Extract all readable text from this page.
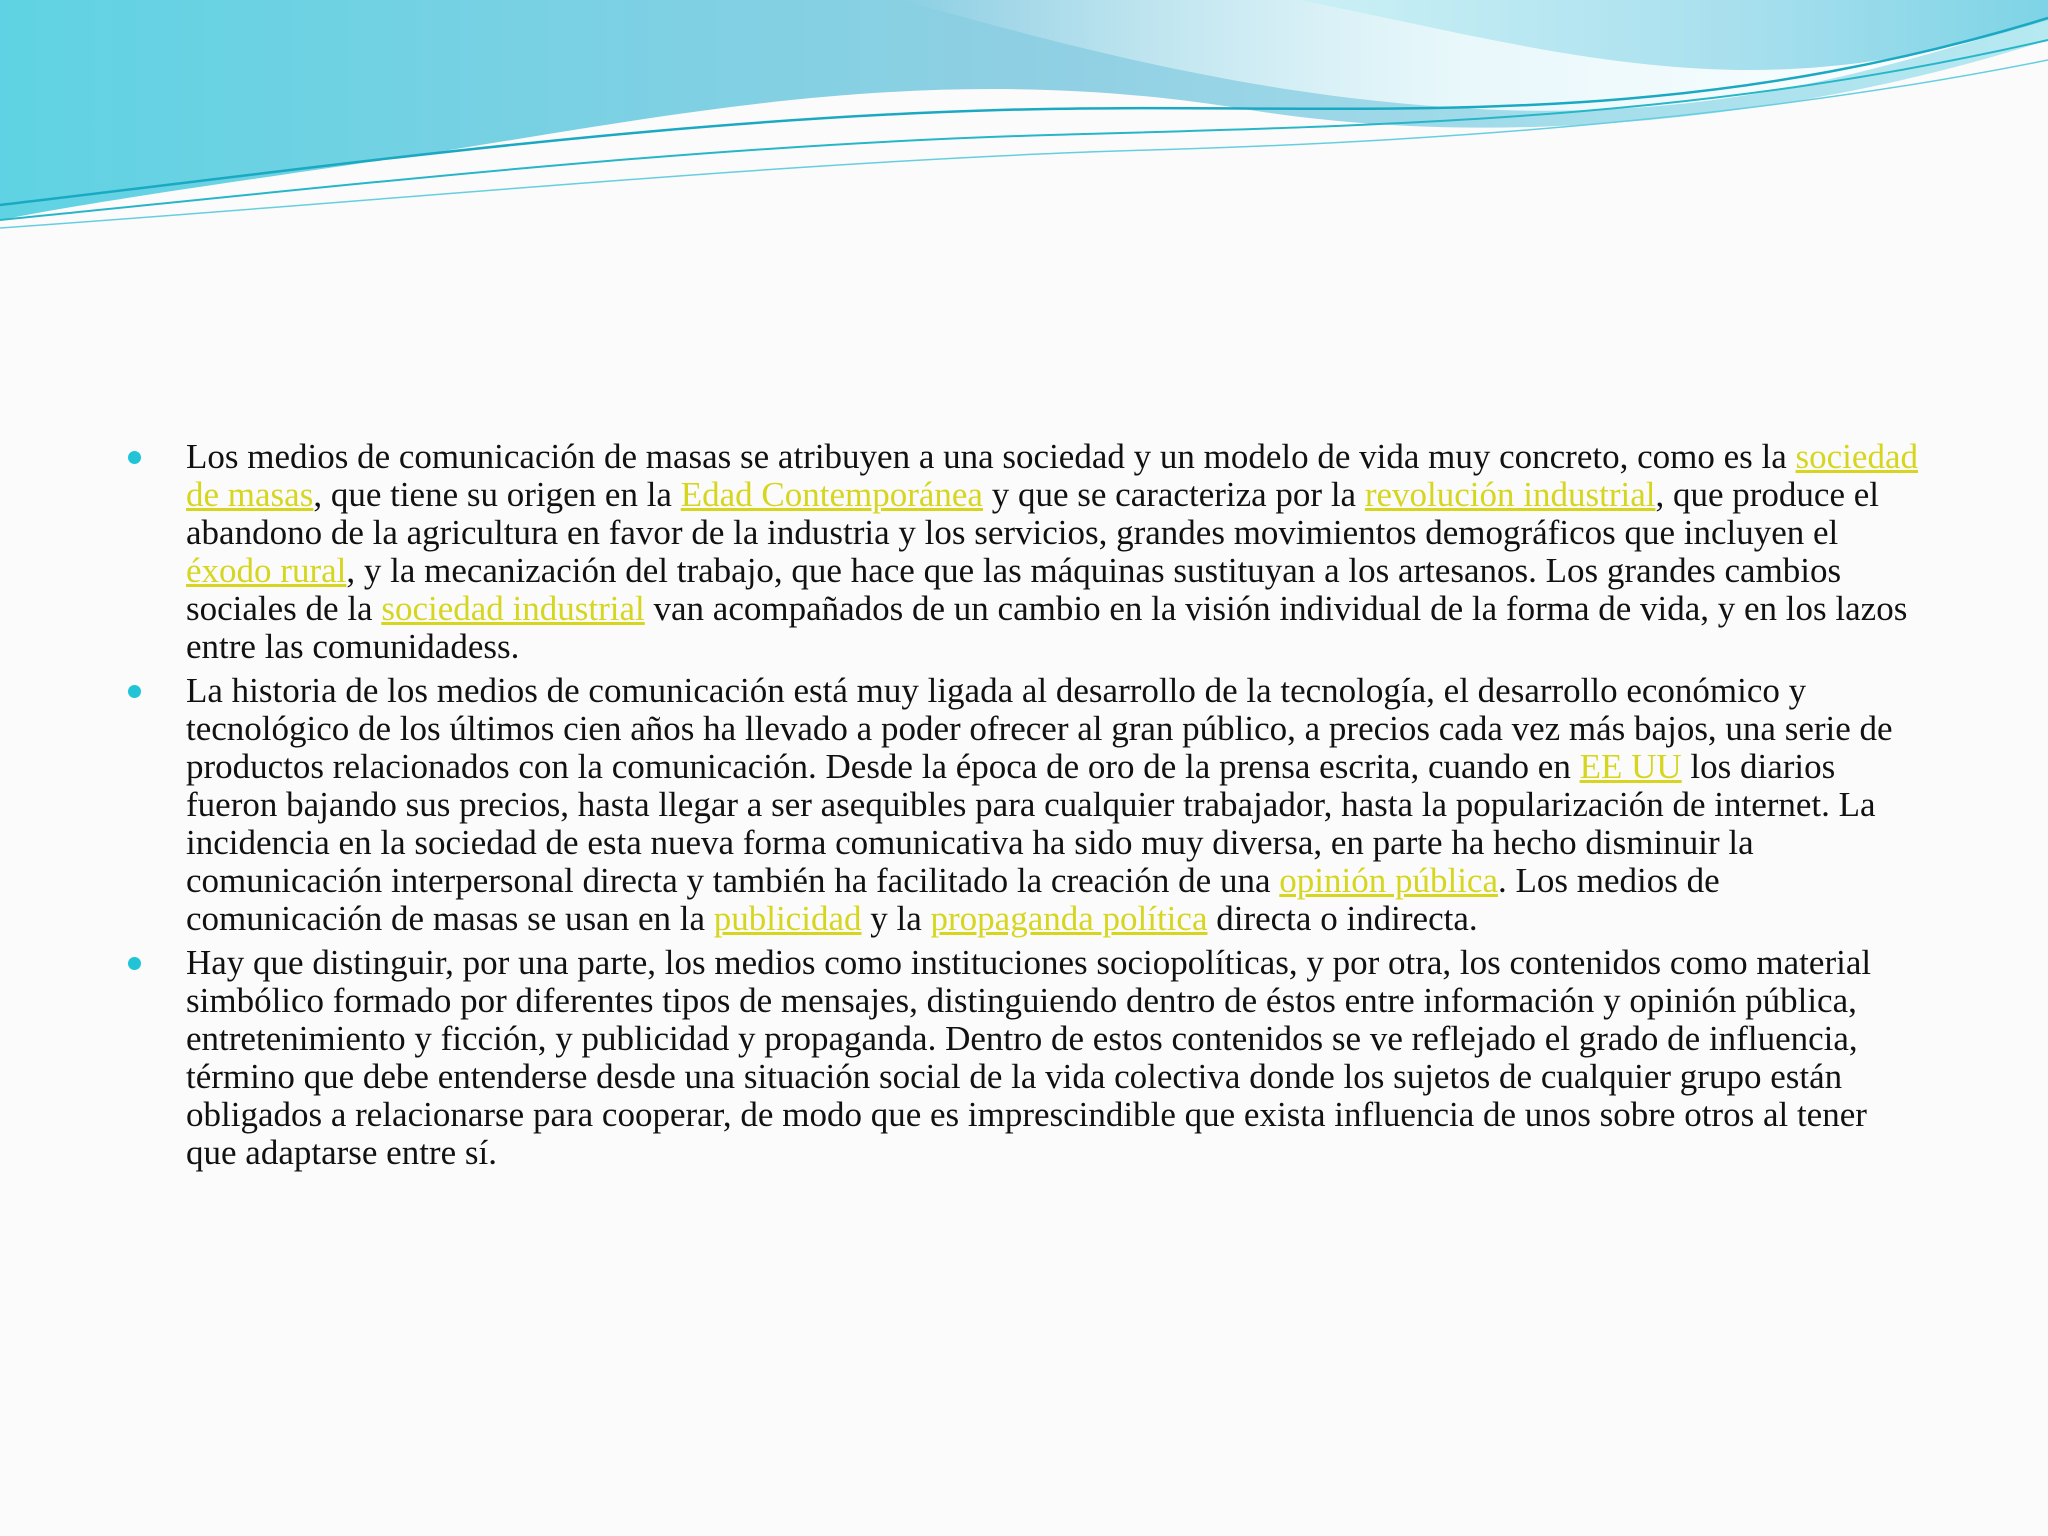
Los medios de comunicación de masas se atribuyen a una sociedad y un modelo de vida muy concreto, como es la sociedad de masas, que tiene su origen en la Edad Contemporánea y que se caracteriza por la revolución industrial, que produce el abandono de la agricultura en favor de la industria y los servicios, grandes movimientos demográficos que incluyen el éxodo rural, y la mecanización del trabajo, que hace que las máquinas sustituyan a los artesanos. Los grandes cambios sociales de la sociedad industrial van acompañados de un cambio en la visión individual de la forma de vida, y en los lazos entre las comunidadess.
La historia de los medios de comunicación está muy ligada al desarrollo de la tecnología, el desarrollo económico y tecnológico de los últimos cien años ha llevado a poder ofrecer al gran público, a precios cada vez más bajos, una serie de productos relacionados con la comunicación. Desde la época de oro de la prensa escrita, cuando en EE UU los diarios fueron bajando sus precios, hasta llegar a ser asequibles para cualquier trabajador, hasta la popularización de internet. La incidencia en la sociedad de esta nueva forma comunicativa ha sido muy diversa, en parte ha hecho disminuir la comunicación interpersonal directa y también ha facilitado la creación de una opinión pública. Los medios de comunicación de masas se usan en la publicidad y la propaganda política directa o indirecta.
Hay que distinguir, por una parte, los medios como instituciones sociopolíticas, y por otra, los contenidos como material simbólico formado por diferentes tipos de mensajes, distinguiendo dentro de éstos entre información y opinión pública, entretenimiento y ficción, y publicidad y propaganda. Dentro de estos contenidos se ve reflejado el grado de influencia, término que debe entenderse desde una situación social de la vida colectiva donde los sujetos de cualquier grupo están obligados a relacionarse para cooperar, de modo que es imprescindible que exista influencia de unos sobre otros al tener que adaptarse entre sí.
